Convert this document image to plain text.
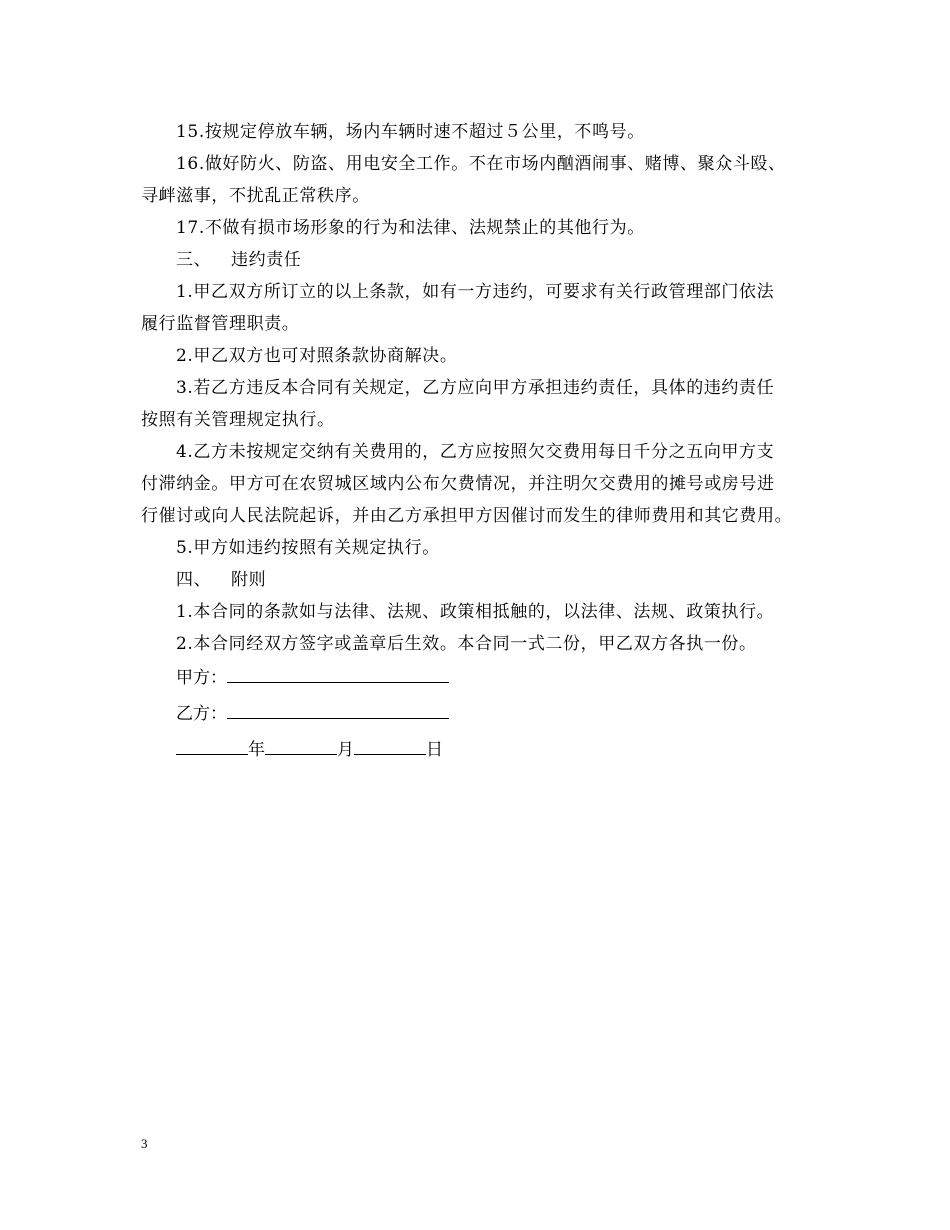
15.按规定停放车辆，场内车辆时速不超过５公里，不鸣号。

16.做好防火、防盗、用电安全工作。不在市场内酗酒闹事、赌博、聚众斗殴、
寻衅滋事，不扰乱正常秩序。

17.不做有损市场形象的行为和法律、法规禁止的其他行为。

三、 违约责任

1.甲乙双方所订立的以上条款，如有一方违约，可要求有关行政管理部门依法
履行监督管理职责。

2.甲乙双方也可对照条款协商解决。

3.若乙方违反本合同有关规定，乙方应向甲方承担违约责任，具体的违约责任
按照有关管理规定执行。

4.乙方未按规定交纳有关费用的，乙方应按照欠交费用每日千分之五向甲方支
付滞纳金。甲方可在农贸城区域内公布欠费情况，并注明欠交费用的摊号或房号进
行催讨或向人民法院起诉，并由乙方承担甲方因催讨而发生的律师费用和其它费用。

5.甲方如违约按照有关规定执行。

四、 附则

1.本合同的条款如与法律、法规、政策相抵触的，以法律、法规、政策执行。

2.本合同经双方签字或盖章后生效。本合同一式二份，甲乙双方各执一份。

甲方：

乙方：

年	月	日

3
